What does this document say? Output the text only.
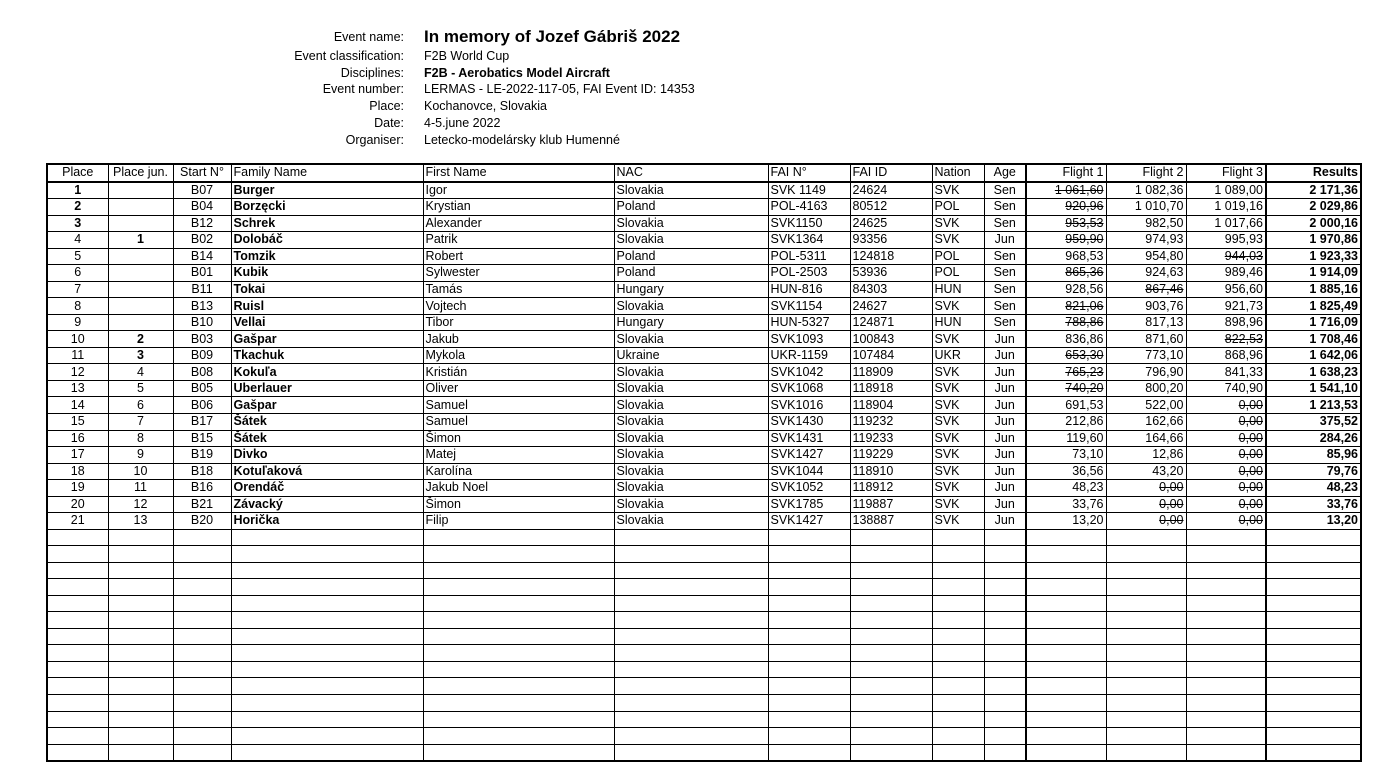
Event name:	In memory of Jozef Gábriš 2022
Event classification:	F2B World Cup
Disciplines:	F2B - Aerobatics Model Aircraft
Event number:	LERMAS - LE-2022-117-05, FAI Event ID: 14353
Place:	Kochanovce, Slovakia
Date:	4-5.june 2022
Organiser:	Letecko-modelársky klub Humenné
Place	Place jun.	Start N°	Family Name	First Name	NAC	FAI N°	FAI ID	Nation	Age	Flight 1	Flight 2	Flight 3	Results
1		B07	Burger	Igor	Slovakia	SVK 1149	24624	SVK	Sen	1 061,60	1 082,36	1 089,00	2 171,36
2		B04	Borzęcki	Krystian	Poland	POL-4163	80512	POL	Sen	920,96	1 010,70	1 019,16	2 029,86
3		B12	Schrek	Alexander	Slovakia	SVK1150	24625	SVK	Sen	953,53	982,50	1 017,66	2 000,16
4	1	B02	Dolobáč	Patrik	Slovakia	SVK1364	93356	SVK	Jun	959,90	974,93	995,93	1 970,86
5		B14	Tomzik	Robert	Poland	POL-5311	124818	POL	Sen	968,53	954,80	944,03	1 923,33
6		B01	Kubik	Sylwester	Poland	POL-2503	53936	POL	Sen	865,36	924,63	989,46	1 914,09
7		B11	Tokai	Tamás	Hungary	HUN-816	84303	HUN	Sen	928,56	867,46	956,60	1 885,16
8		B13	Ruisl	Vojtech	Slovakia	SVK1154	24627	SVK	Sen	821,06	903,76	921,73	1 825,49
9		B10	Vellai	Tibor	Hungary	HUN-5327	124871	HUN	Sen	788,86	817,13	898,96	1 716,09
10	2	B03	Gašpar	Jakub	Slovakia	SVK1093	100843	SVK	Jun	836,86	871,60	822,53	1 708,46
11	3	B09	Tkachuk	Mykola	Ukraine	UKR-1159	107484	UKR	Jun	653,30	773,10	868,96	1 642,06
12	4	B08	Kokuľa	Kristián	Slovakia	SVK1042	118909	SVK	Jun	765,23	796,90	841,33	1 638,23
13	5	B05	Uberlauer	Oliver	Slovakia	SVK1068	118918	SVK	Jun	740,20	800,20	740,90	1 541,10
14	6	B06	Gašpar	Samuel	Slovakia	SVK1016	118904	SVK	Jun	691,53	522,00	0,00	1 213,53
15	7	B17	Šátek	Samuel	Slovakia	SVK1430	119232	SVK	Jun	212,86	162,66	0,00	375,52
16	8	B15	Šátek	Šimon	Slovakia	SVK1431	119233	SVK	Jun	119,60	164,66	0,00	284,26
17	9	B19	Divko	Matej	Slovakia	SVK1427	119229	SVK	Jun	73,10	12,86	0,00	85,96
18	10	B18	Kotuľaková	Karolína	Slovakia	SVK1044	118910	SVK	Jun	36,56	43,20	0,00	79,76
19	11	B16	Orendáč	Jakub Noel	Slovakia	SVK1052	118912	SVK	Jun	48,23	0,00	0,00	48,23
20	12	B21	Závacký	Šimon	Slovakia	SVK1785	119887	SVK	Jun	33,76	0,00	0,00	33,76
21	13	B20	Horička	Filip	Slovakia	SVK1427	138887	SVK	Jun	13,20	0,00	0,00	13,20
